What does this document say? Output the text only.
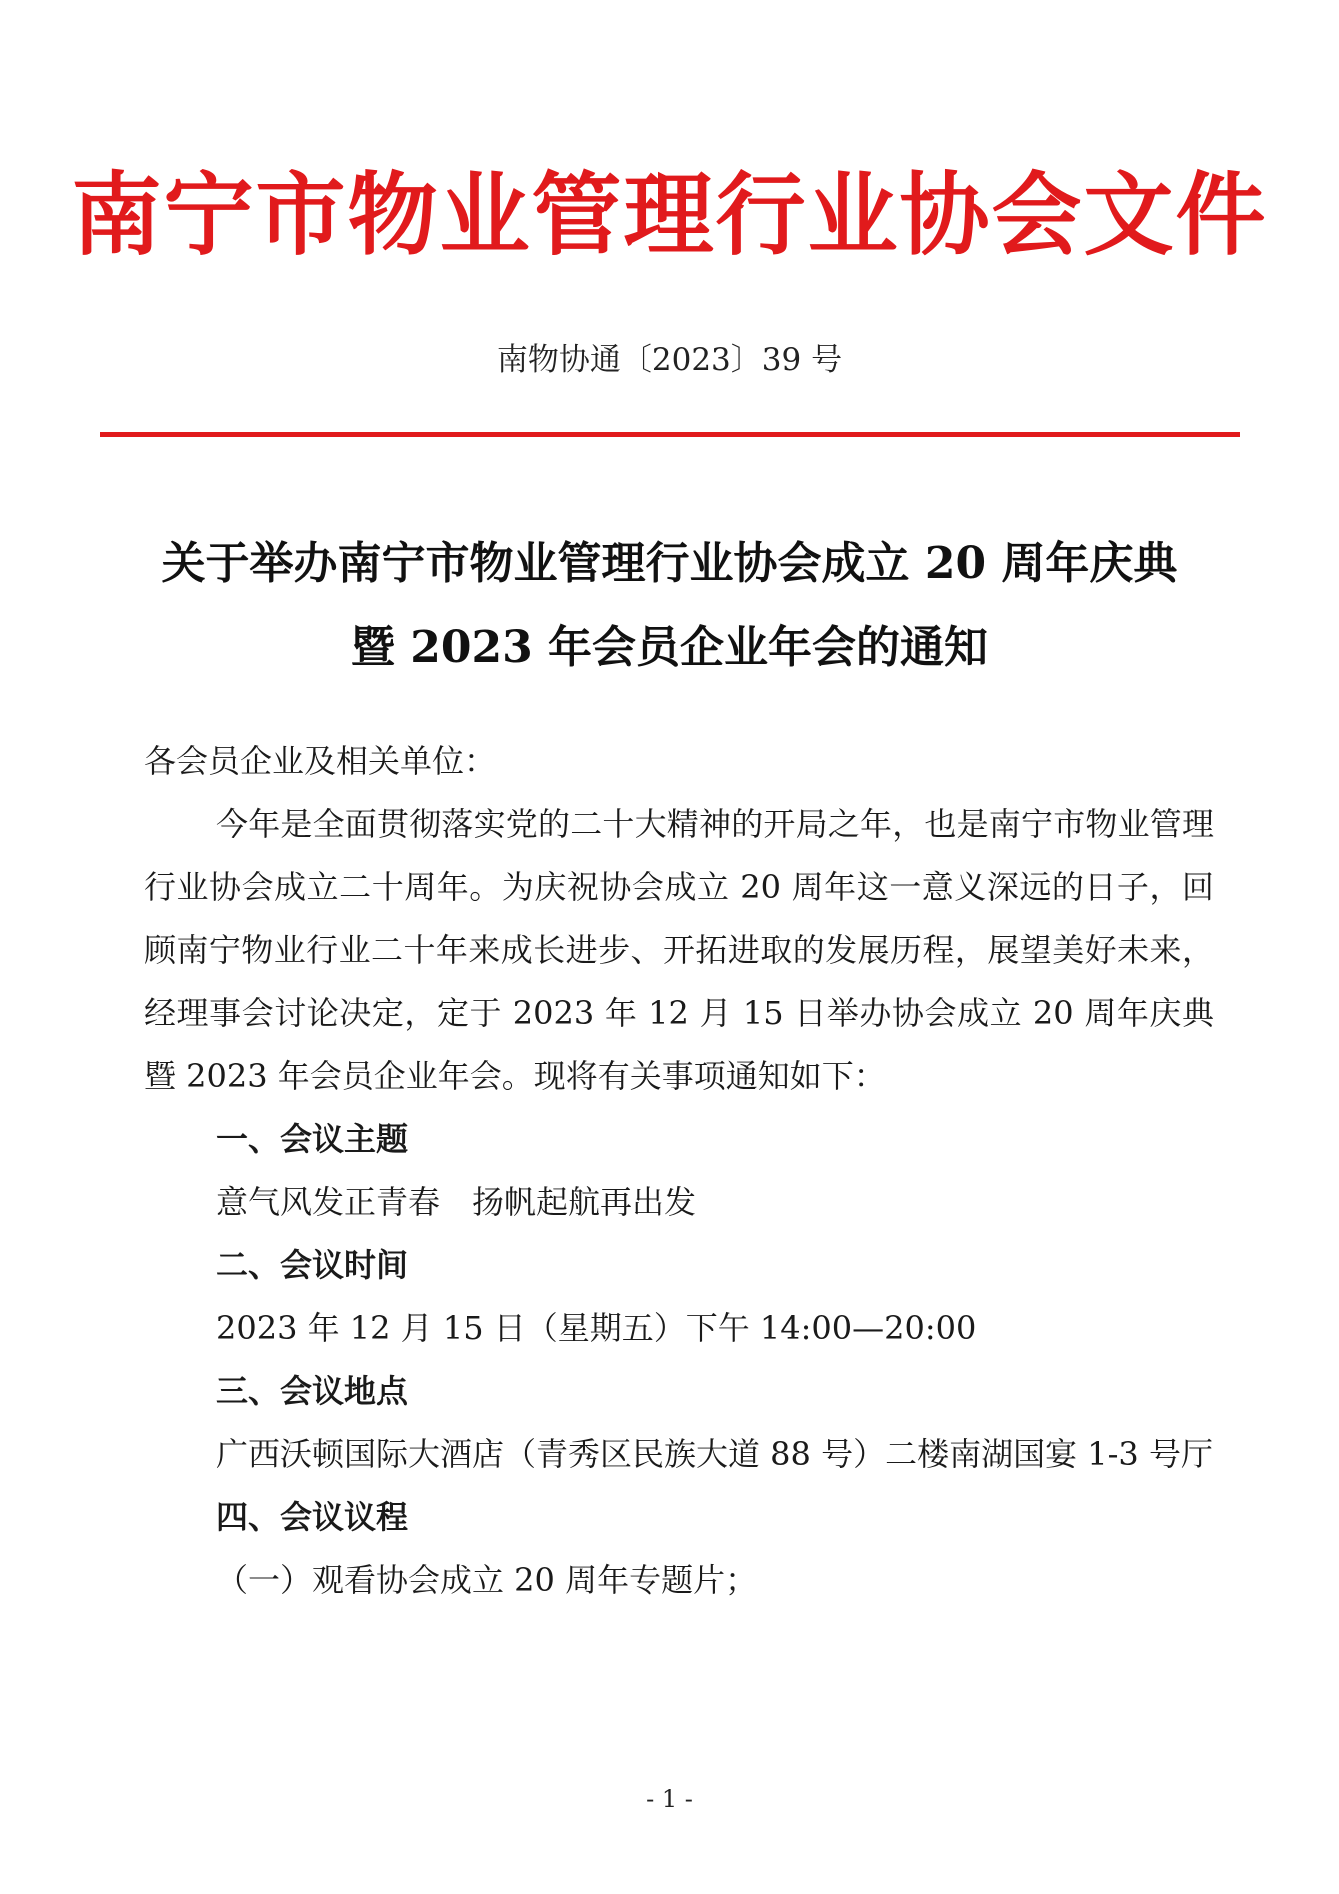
南宁市物业管理行业协会文件
南物协通〔2023〕39 号
关于举办南宁市物业管理行业协会成立 20 周年庆典
暨 2023 年会员企业年会的通知

各会员企业及相关单位：

今年是全面贯彻落实党的二十大精神的开局之年，也是南宁市物业管理行业协会成立二十周年。为庆祝协会成立 20 周年这一意义深远的日子，回顾南宁物业行业二十年来成长进步、开拓进取的发展历程，展望美好未来，经理事会讨论决定，定于 2023 年 12 月 15 日举办协会成立 20 周年庆典暨 2023 年会员企业年会。现将有关事项通知如下：

一、会议主题

意气风发正青春　扬帆起航再出发

二、会议时间

2023 年 12 月 15 日（星期五）下午 14:00—20:00

三、会议地点

广西沃顿国际大酒店（青秀区民族大道 88 号）二楼南湖国宴 1-3 号厅

四、会议议程

（一）观看协会成立 20 周年专题片；

- 1 -
